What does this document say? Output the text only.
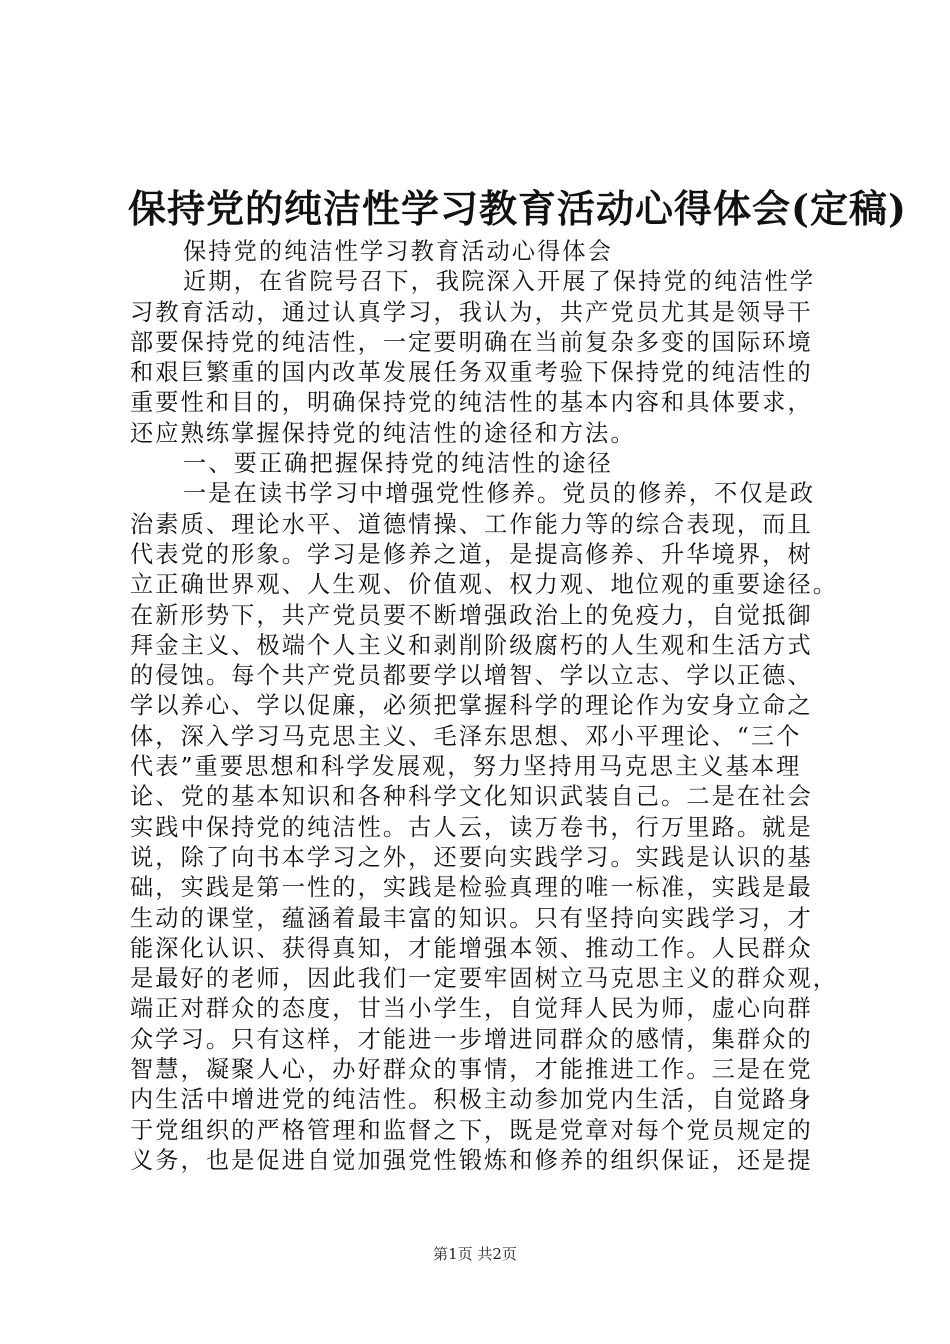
保持党的纯洁性学习教育活动心得体会(定稿)
保持党的纯洁性学习教育活动心得体会
近期，在省院号召下，我院深入开展了保持党的纯洁性学
习教育活动，通过认真学习，我认为，共产党员尤其是领导干
部要保持党的纯洁性，一定要明确在当前复杂多变的国际环境
和艰巨繁重的国内改革发展任务双重考验下保持党的纯洁性的
重要性和目的，明确保持党的纯洁性的基本内容和具体要求，
还应熟练掌握保持党的纯洁性的途径和方法。
一、要正确把握保持党的纯洁性的途径
一是在读书学习中增强党性修养。党员的修养，不仅是政
治素质、理论水平、道德情操、工作能力等的综合表现，而且
代表党的形象。学习是修养之道，是提高修养、升华境界，树
立正确世界观、人生观、价值观、权力观、地位观的重要途径。
在新形势下，共产党员要不断增强政治上的免疫力，自觉抵御
拜金主义、极端个人主义和剥削阶级腐朽的人生观和生活方式
的侵蚀。每个共产党员都要学以增智、学以立志、学以正德、
学以养心、学以促廉，必须把掌握科学的理论作为安身立命之
体，深入学习马克思主义、毛泽东思想、邓小平理论、“三个
代表”重要思想和科学发展观，努力坚持用马克思主义基本理
论、党的基本知识和各种科学文化知识武装自己。二是在社会
实践中保持党的纯洁性。古人云，读万卷书，行万里路。就是
说，除了向书本学习之外，还要向实践学习。实践是认识的基
础，实践是第一性的，实践是检验真理的唯一标准，实践是最
生动的课堂，蕴涵着最丰富的知识。只有坚持向实践学习，才
能深化认识、获得真知，才能增强本领、推动工作。人民群众
是最好的老师，因此我们一定要牢固树立马克思主义的群众观，
端正对群众的态度，甘当小学生，自觉拜人民为师，虚心向群
众学习。只有这样，才能进一步增进同群众的感情，集群众的
智慧，凝聚人心，办好群众的事情，才能推进工作。三是在党
内生活中增进党的纯洁性。积极主动参加党内生活，自觉路身
于党组织的严格管理和监督之下，既是党章对每个党员规定的
义务，也是促进自觉加强党性锻炼和修养的组织保证，还是提
第1页 共2页
